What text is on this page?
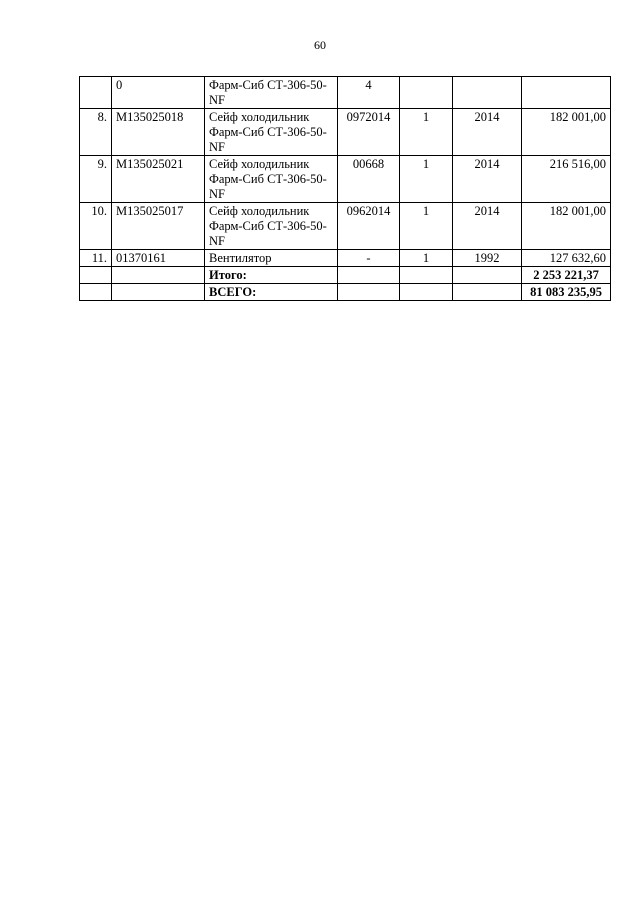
60

	0	Фарм-Сиб СТ-306-50-NF	4			

8.	М135025018	Сейф холодильник Фарм-Сиб СТ-306-50-NF	0972014	1	2014	182 001,00
9.	М135025021	Сейф холодильник Фарм-Сиб СТ-306-50-NF	00668	1	2014	216 516,00
10.	М135025017	Сейф холодильник Фарм-Сиб СТ-306-50-NF	0962014	1	2014	182 001,00
11.	01370161	Вентилятор	-	1	1992	127 632,60
		Итого:				2 253 221,37

		ВСЕГО:				81 083 235,95
